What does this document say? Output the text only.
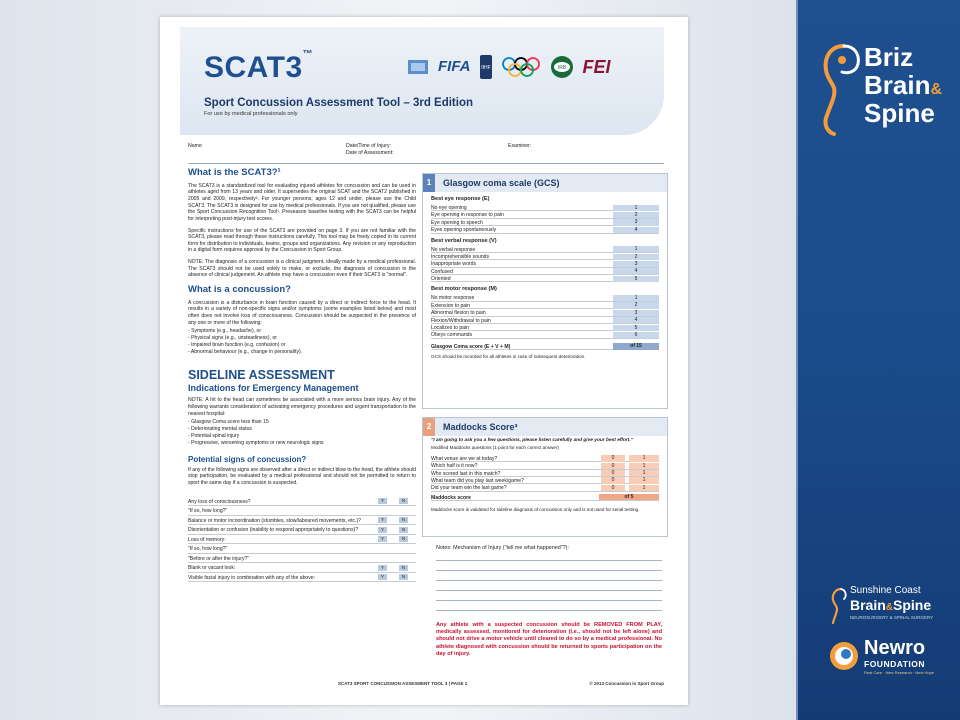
SCAT3™
FIFA IIHF	IRB FEI
Sport Concussion Assessment Tool – 3rd Edition
For use by medical professionals only
Name	Date/Time of Injury:
Date of Assessment:
Examiner:
What is the SCAT3?¹

The SCAT3 is a standardized tool for evaluating injured athletes for concussion and can be used in athletes aged from 13 years and older. It supersedes the original SCAT and the SCAT2 published in 2005 and 2009, respectively². For younger persons, ages 12 and under, please use the Child SCAT3. The SCAT3 is designed for use by medical professionals. If you are not qualified, please use the Sport Concussion Recognition Tool¹. Preseason baseline testing with the SCAT3 can be helpful for interpreting post-injury test scores.

Specific instructions for use of the SCAT3 are provided on page 3. If you are not familiar with the SCAT3, please read through these instructions carefully. This tool may be freely copied in its current form for distribution to individuals, teams, groups and organizations. Any revision or any reproduction in a digital form requires approval by the Concussion in Sport Group.

NOTE: The diagnosis of a concussion is a clinical judgment, ideally made by a medical professional. The SCAT3 should not be used solely to make, or exclude, the diagnosis of concussion in the absence of clinical judgement. An athlete may have a concussion even if their SCAT3 is "normal".

What is a concussion?

A concussion is a disturbance in brain function caused by a direct or indirect force to the head. It results in a variety of non-specific signs and/or symptoms (some examples listed below) and most often does not involve loss of consciousness. Concussion should be suspected in the presence of any one or more of the following:

- Symptoms (e.g., headache), or
- Physical signs (e.g., unsteadiness), or
- Impaired brain function (e.g. confusion) or
- Abnormal behaviour (e.g., change in personality).
SIDELINE ASSESSMENT
Indications for Emergency Management

NOTE: A hit to the head can sometimes be associated with a more serious brain injury. Any of the following warrants consideration of activating emergency procedures and urgent transportation to the nearest hospital:

- Glasgow Coma score less than 15
- Deteriorating mental status
- Potential spinal injury
- Progressive, worsening symptoms or new neurologic signs
Potential signs of concussion?

If any of the following signs are observed after a direct or indirect blow to the head, the athlete should stop participation, be evaluated by a medical professional and should not be permitted to return to sport the same day if a concussion is suspected.

Any loss of consciousness?	Y	N
"If so, how long?"
Balance or motor incoordination (stumbles, slow/laboured movements, etc.)?	Y	N
Disorientation or confusion (inability to respond appropriately to questions)?	Y	N
Loss of memory:	Y	N
"If so, how long?"
"Before or after the injury?"
Blank or vacant look:	Y	N
Visible facial injury in combination with any of the above:	Y	N
1	Glasgow coma scale (GCS)
Best eye response (E)
No eye opening	1
Eye opening in response to pain	2
Eye opening to speech	3
Eyes opening spontaneously	4
Best verbal response (V)
No verbal response	1
Incomprehensible sounds	2
Inappropriate words	3
Confused	4
Oriented	5
Best motor response (M)
No motor response	1
Extension to pain	2
Abnormal flexion to pain	3
Flexion/Withdrawal to pain	4
Localizes to pain	5
Obeys commands	6
Glasgow Coma score (E + V + M)	of 15
GCS should be recorded for all athletes in case of subsequent deterioration.
2	Maddocks Score³
"I am going to ask you a few questions, please listen carefully and give your best effort."
Modified Maddocks questions (1 point for each correct answer)
What venue are we at today?	0	1
Which half is it now?	0	1
Who scored last in this match?	0	1
What team did you play last week/game?	0	1
Did your team win the last game?	0	1
Maddocks score	of 5
Maddocks score is validated for sideline diagnosis of concussion only and is not used for serial testing.
Notes: Mechanism of Injury ("tell me what happened"?):

Any athlete with a suspected concussion should be REMOVED FROM PLAY, medically assessed, monitored for deterioration (i.e., should not be left alone) and should not drive a motor vehicle until cleared to do so by a medical professional. No athlete diagnosed with concussion should be returned to sports participation on the day of injury.

SCAT3 SPORT CONCUSSION ASSESMENT TOOL 3 | PAGE 1	© 2013 Concussion in Sport Group
Briz
Brain&
Spine
Sunshine Coast
Brain&Spine
NEUROSURGERY & SPINAL SURGERY
Newro
FOUNDATION
Real Care · New Research · New Hope
